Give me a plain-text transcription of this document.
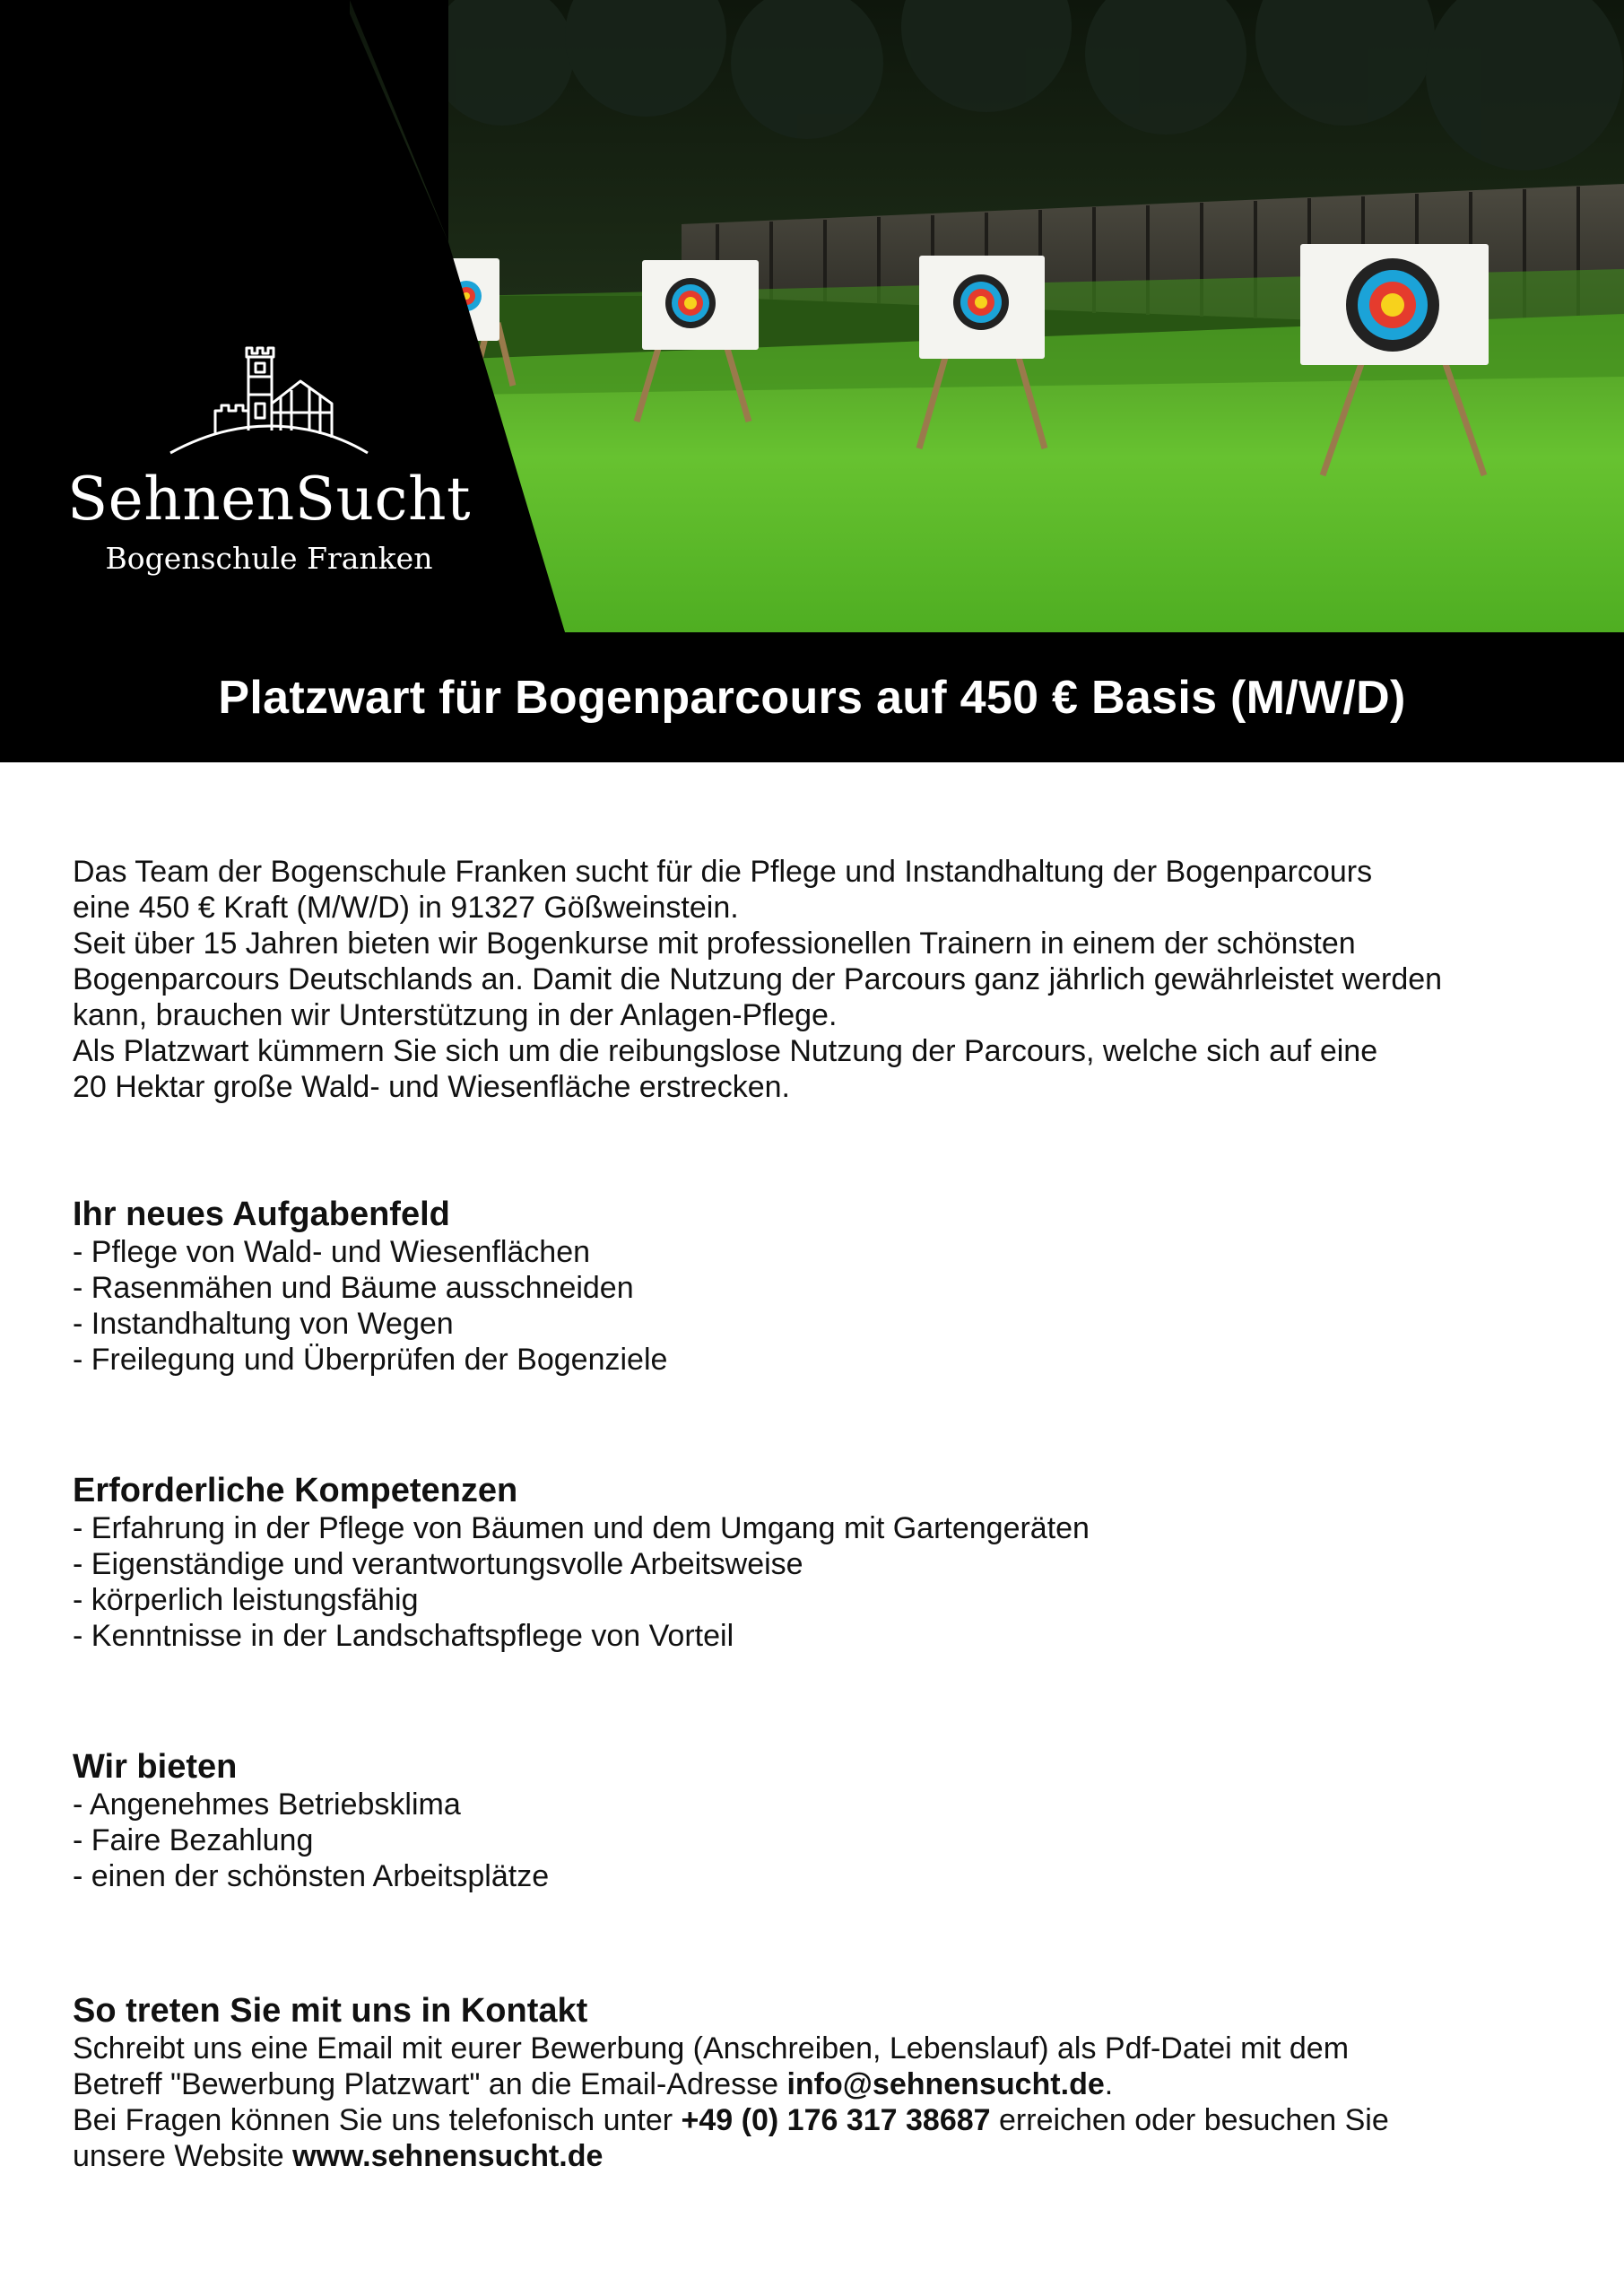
SehnenSucht
Bogenschule Franken
Platzwart für Bogenparcours auf 450 € Basis (M/W/D)

Das Team der Bogenschule Franken sucht für die Pflege und Instandhaltung der Bogenparcours

eine 450 € Kraft (M/W/D) in 91327 Gößweinstein.

Seit über 15 Jahren bieten wir Bogenkurse mit professionellen Trainern in einem der schönsten

Bogenparcours Deutschlands an. Damit die Nutzung der Parcours ganz jährlich gewährleistet werden

kann, brauchen wir Unterstützung in der Anlagen-Pflege.

Als Platzwart kümmern Sie sich um die reibungslose Nutzung der Parcours, welche sich auf eine

20 Hektar große Wald- und Wiesenfläche erstrecken.

Ihr neues Aufgabenfeld
- Pflege von Wald- und Wiesenflächen
- Rasenmähen und Bäume ausschneiden
- Instandhaltung von Wegen
- Freilegung und Überprüfen der Bogenziele
Erforderliche Kompetenzen
- Erfahrung in der Pflege von Bäumen und dem Umgang mit Gartengeräten
- Eigenständige und verantwortungsvolle Arbeitsweise
- körperlich leistungsfähig
- Kenntnisse in der Landschaftspflege von Vorteil
Wir bieten
- Angenehmes Betriebsklima
- Faire Bezahlung
- einen der schönsten Arbeitsplätze
So treten Sie mit uns in Kontakt

Schreibt uns eine Email mit eurer Bewerbung (Anschreiben, Lebenslauf) als Pdf-Datei mit dem

Betreff "Bewerbung Platzwart" an die Email-Adresse info@sehnensucht.de.

Bei Fragen können Sie uns telefonisch unter +49 (0) 176 317 38687 erreichen oder besuchen Sie

unsere Website www.sehnensucht.de
